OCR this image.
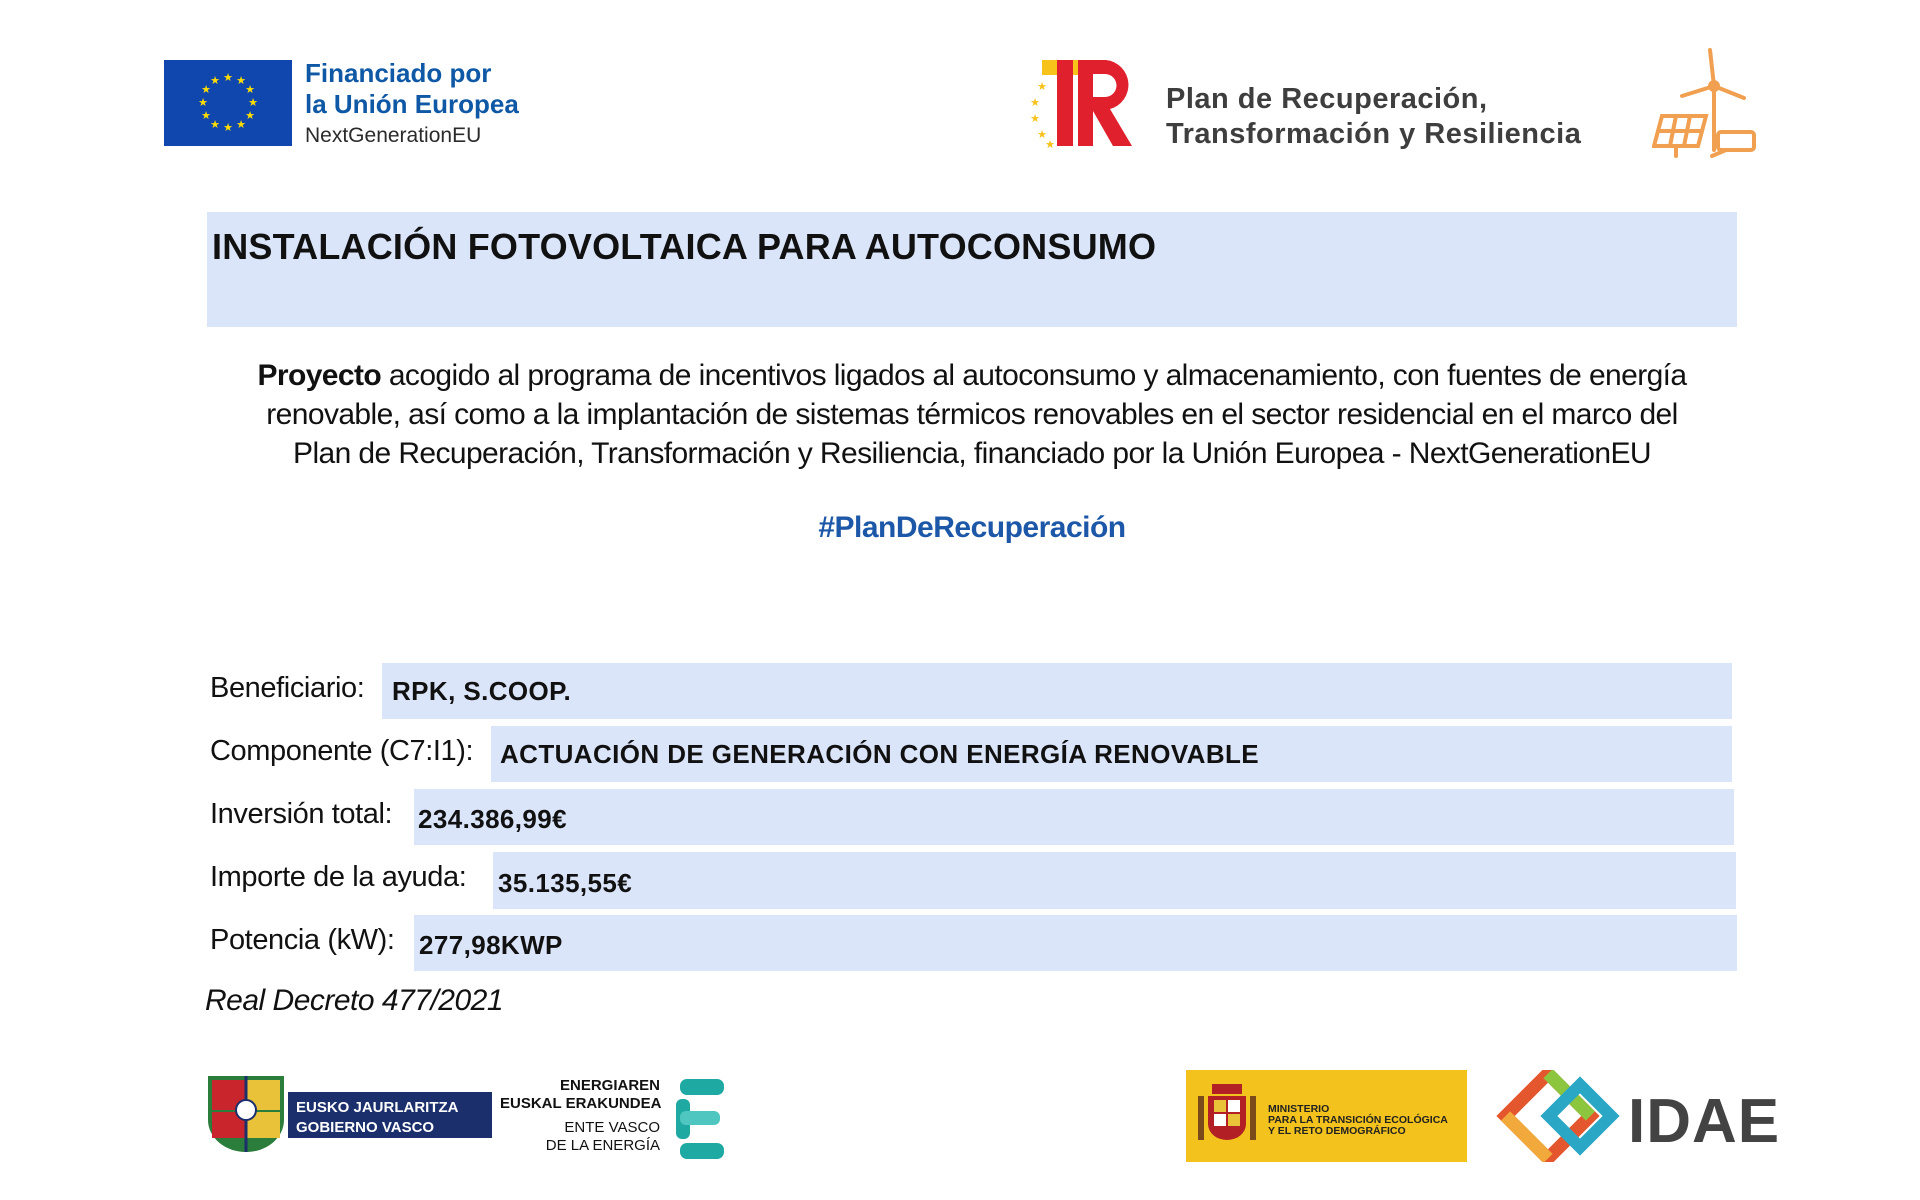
★ ★
★
★
★
★
★
★
★
★
★
★	Financiado por
la Unión Europea
NextGenerationEU
★
★
★
★
★
Plan de Recuperación,
Transformación y Resiliencia
INSTALACIÓN FOTOVOLTAICA PARA AUTOCONSUMO
Proyecto acogido al programa de incentivos ligados al autoconsumo y almacenamiento, con fuentes de energía
renovable, así como a la implantación de sistemas térmicos renovables en el sector residencial en el marco del
Plan de Recuperación, Transformación y Resiliencia, financiado por la Unión Europea - NextGenerationEU
#PlanDeRecuperación
Beneficiario: RPK, S.COOP.
Componente (C7:I1): ACTUACIÓN DE GENERACIÓN CON ENERGÍA RENOVABLE
Inversión total: 234.386,99€
Importe de la ayuda: 35.135,55€
Potencia (kW): 277,98KWP
Real Decreto 477/2021
EUSKO JAURLARITZA
GOBIERNO VASCO
ENERGIAREN
EUSKAL ERAKUNDEA
ENTE VASCO
DE LA ENERGÍA
MINISTERIO
PARA LA TRANSICIÓN ECOLÓGICA
Y EL RETO DEMOGRÁFICO	IDAE
